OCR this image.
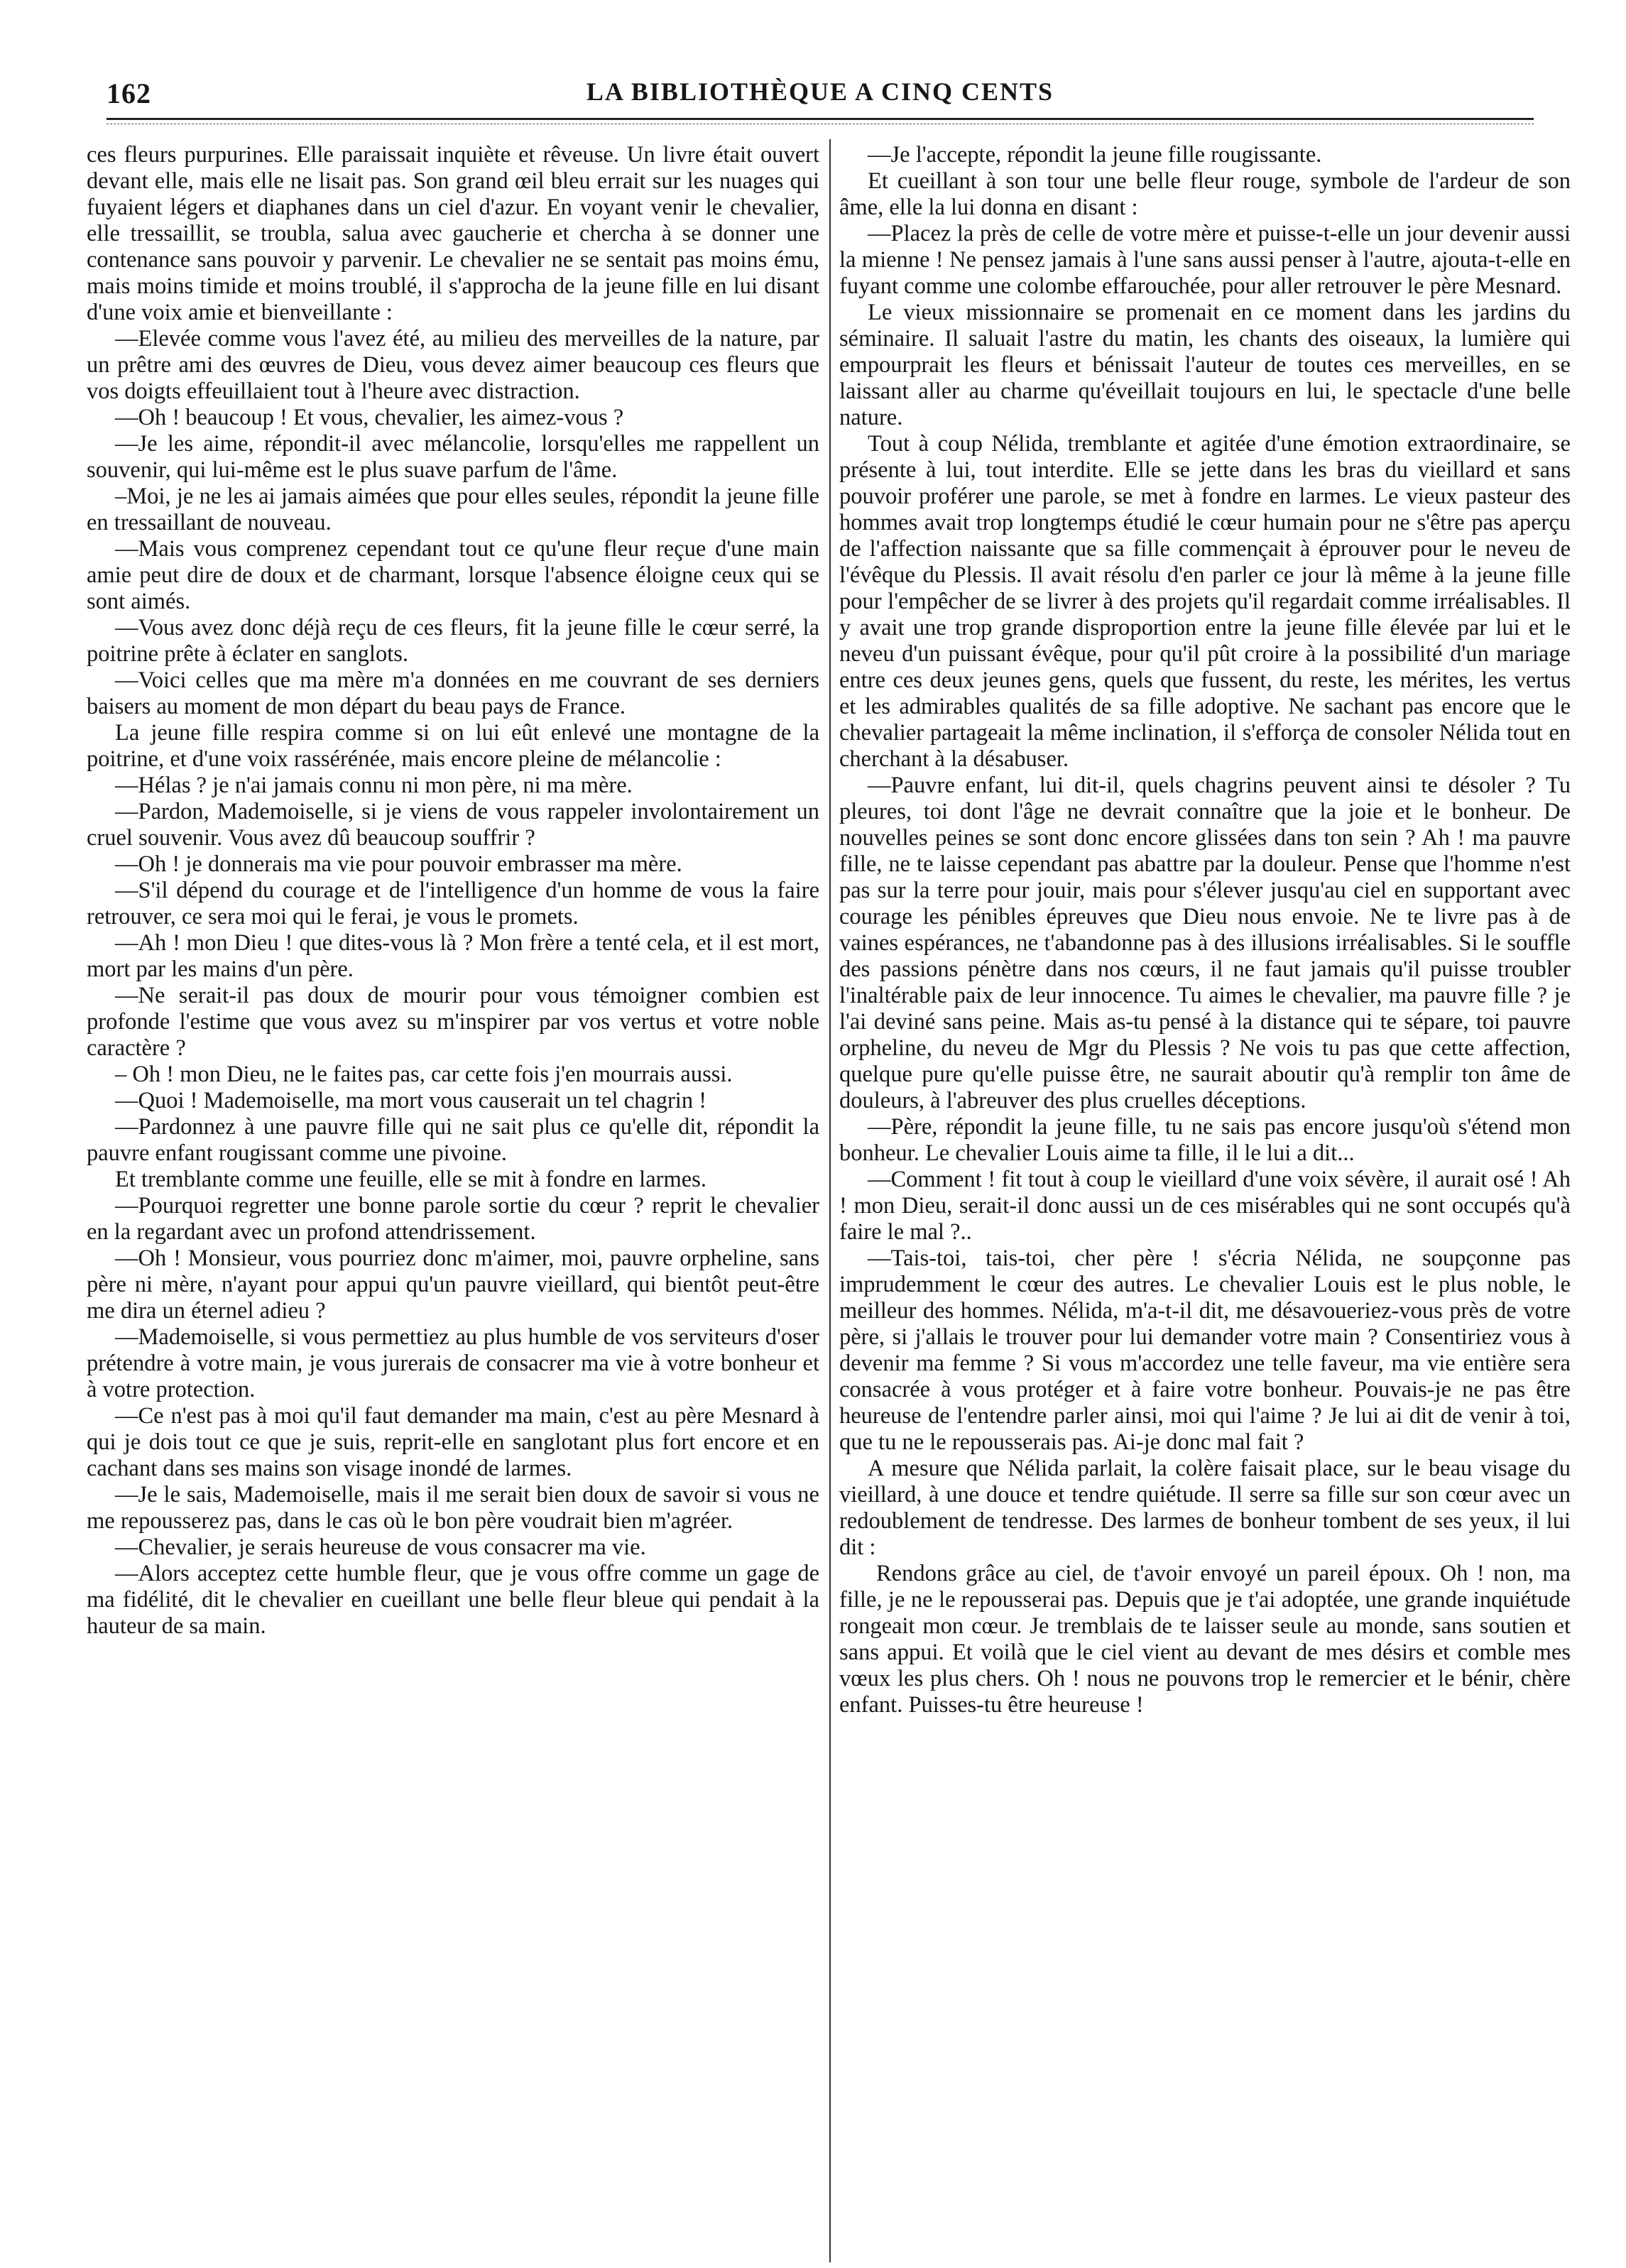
162	LA BIBLIOTHÈQUE A CINQ CENTS

ces fleurs purpurines. Elle paraissait inquiète et rêveuse. Un livre était ouvert devant elle, mais elle ne lisait pas. Son grand œil bleu errait sur les nuages qui fuyaient légers et diaphanes dans un ciel d'azur. En voyant venir le chevalier, elle tressaillit, se troubla, salua avec gaucherie et chercha à se donner une contenance sans pouvoir y parvenir. Le chevalier ne se sentait pas moins ému, mais moins timide et moins troublé, il s'approcha de la jeune fille en lui disant d'une voix amie et bienveillante :

—Elevée comme vous l'avez été, au milieu des merveilles de la nature, par un prêtre ami des œuvres de Dieu, vous devez aimer beaucoup ces fleurs que vos doigts effeuillaient tout à l'heure avec distraction.

—Oh ! beaucoup ! Et vous, chevalier, les aimez-vous ?

—Je les aime, répondit-il avec mélancolie, lorsqu'elles me rappellent un souvenir, qui lui-même est le plus suave parfum de l'âme.

–Moi, je ne les ai jamais aimées que pour elles seules, répondit la jeune fille en tressaillant de nouveau.

—Mais vous comprenez cependant tout ce qu'une fleur reçue d'une main amie peut dire de doux et de charmant, lorsque l'absence éloigne ceux qui se sont aimés.

—Vous avez donc déjà reçu de ces fleurs, fit la jeune fille le cœur serré, la poitrine prête à éclater en sanglots.

—Voici celles que ma mère m'a données en me couvrant de ses derniers baisers au moment de mon départ du beau pays de France.

La jeune fille respira comme si on lui eût enlevé une montagne de la poitrine, et d'une voix rassérénée, mais encore pleine de mélancolie :

—Hélas ? je n'ai jamais connu ni mon père, ni ma mère.

—Pardon, Mademoiselle, si je viens de vous rappeler involontairement un cruel souvenir. Vous avez dû beaucoup souffrir ?

—Oh ! je donnerais ma vie pour pouvoir embrasser ma mère.

—S'il dépend du courage et de l'intelligence d'un homme de vous la faire retrouver, ce sera moi qui le ferai, je vous le promets.

—Ah ! mon Dieu ! que dites-vous là ? Mon frère a tenté cela, et il est mort, mort par les mains d'un père.

—Ne serait-il pas doux de mourir pour vous témoigner combien est profonde l'estime que vous avez su m'inspirer par vos vertus et votre noble caractère ?

– Oh ! mon Dieu, ne le faites pas, car cette fois j'en mourrais aussi.

—Quoi ! Mademoiselle, ma mort vous causerait un tel chagrin !

—Pardonnez à une pauvre fille qui ne sait plus ce qu'elle dit, répondit la pauvre enfant rougissant comme une pivoine.

Et tremblante comme une feuille, elle se mit à fondre en larmes.

—Pourquoi regretter une bonne parole sortie du cœur ? reprit le chevalier en la regardant avec un profond attendrissement.

—Oh ! Monsieur, vous pourriez donc m'aimer, moi, pauvre orpheline, sans père ni mère, n'ayant pour appui qu'un pauvre vieillard, qui bientôt peut-être me dira un éternel adieu ?

—Mademoiselle, si vous permettiez au plus humble de vos serviteurs d'oser prétendre à votre main, je vous jurerais de consacrer ma vie à votre bonheur et à votre protection.

—Ce n'est pas à moi qu'il faut demander ma main, c'est au père Mesnard à qui je dois tout ce que je suis, reprit-elle en sanglotant plus fort encore et en cachant dans ses mains son visage inondé de larmes.

—Je le sais, Mademoiselle, mais il me serait bien doux de savoir si vous ne me repousserez pas, dans le cas où le bon père voudrait bien m'agréer.

—Chevalier, je serais heureuse de vous consacrer ma vie.

—Alors acceptez cette humble fleur, que je vous offre comme un gage de ma fidélité, dit le chevalier en cueillant une belle fleur bleue qui pendait à la hauteur de sa main.

—Je l'accepte, répondit la jeune fille rougissante.

Et cueillant à son tour une belle fleur rouge, symbole de l'ardeur de son âme, elle la lui donna en disant :

—Placez la près de celle de votre mère et puisse-t-elle un jour devenir aussi la mienne ! Ne pensez jamais à l'une sans aussi penser à l'autre, ajouta-t-elle en fuyant comme une colombe effarouchée, pour aller retrouver le père Mesnard.

Le vieux missionnaire se promenait en ce moment dans les jardins du séminaire. Il saluait l'astre du matin, les chants des oiseaux, la lumière qui empourprait les fleurs et bénissait l'auteur de toutes ces merveilles, en se laissant aller au charme qu'éveillait toujours en lui, le spectacle d'une belle nature.

Tout à coup Nélida, tremblante et agitée d'une émotion extraordinaire, se présente à lui, tout interdite. Elle se jette dans les bras du vieillard et sans pouvoir proférer une parole, se met à fondre en larmes. Le vieux pasteur des hommes avait trop longtemps étudié le cœur humain pour ne s'être pas aperçu de l'affection naissante que sa fille commençait à éprouver pour le neveu de l'évêque du Plessis. Il avait résolu d'en parler ce jour là même à la jeune fille pour l'empêcher de se livrer à des projets qu'il regardait comme irréalisables. Il y avait une trop grande disproportion entre la jeune fille élevée par lui et le neveu d'un puissant évêque, pour qu'il pût croire à la possibilité d'un mariage entre ces deux jeunes gens, quels que fussent, du reste, les mérites, les vertus et les admirables qualités de sa fille adoptive. Ne sachant pas encore que le chevalier partageait la même inclination, il s'efforça de consoler Nélida tout en cherchant à la désabuser.

—Pauvre enfant, lui dit-il, quels chagrins peuvent ainsi te désoler ? Tu pleures, toi dont l'âge ne devrait connaître que la joie et le bonheur. De nouvelles peines se sont donc encore glissées dans ton sein ? Ah ! ma pauvre fille, ne te laisse cependant pas abattre par la douleur. Pense que l'homme n'est pas sur la terre pour jouir, mais pour s'élever jusqu'au ciel en supportant avec courage les pénibles épreuves que Dieu nous envoie. Ne te livre pas à de vaines espérances, ne t'abandonne pas à des illusions irréalisables. Si le souffle des passions pénètre dans nos cœurs, il ne faut jamais qu'il puisse troubler l'inaltérable paix de leur innocence. Tu aimes le chevalier, ma pauvre fille ? je l'ai deviné sans peine. Mais as-tu pensé à la distance qui te sépare, toi pauvre orpheline, du neveu de Mgr du Plessis ? Ne vois tu pas que cette affection, quelque pure qu'elle puisse être, ne saurait aboutir qu'à remplir ton âme de douleurs, à l'abreuver des plus cruelles déceptions.

—Père, répondit la jeune fille, tu ne sais pas encore jusqu'où s'étend mon bonheur. Le chevalier Louis aime ta fille, il le lui a dit...

—Comment ! fit tout à coup le vieillard d'une voix sévère, il aurait osé ! Ah ! mon Dieu, serait-il donc aussi un de ces misérables qui ne sont occupés qu'à faire le mal ?..

—Tais-toi, tais-toi, cher père ! s'écria Nélida, ne soupçonne pas imprudemment le cœur des autres. Le chevalier Louis est le plus noble, le meilleur des hommes. Nélida, m'a-t-il dit, me désavoueriez-vous près de votre père, si j'allais le trouver pour lui demander votre main ? Consentiriez vous à devenir ma femme ? Si vous m'accordez une telle faveur, ma vie entière sera consacrée à vous protéger et à faire votre bonheur. Pouvais-je ne pas être heureuse de l'entendre parler ainsi, moi qui l'aime ? Je lui ai dit de venir à toi, que tu ne le repousserais pas. Ai-je donc mal fait ?

A mesure que Nélida parlait, la colère faisait place, sur le beau visage du vieillard, à une douce et tendre quiétude. Il serre sa fille sur son cœur avec un redoublement de tendresse. Des larmes de bonheur tombent de ses yeux, il lui dit :

Rendons grâce au ciel, de t'avoir envoyé un pareil époux. Oh ! non, ma fille, je ne le repousserai pas. Depuis que je t'ai adoptée, une grande inquiétude rongeait mon cœur. Je tremblais de te laisser seule au monde, sans soutien et sans appui. Et voilà que le ciel vient au devant de mes désirs et comble mes vœux les plus chers. Oh ! nous ne pouvons trop le remercier et le bénir, chère enfant. Puisses-tu être heureuse !
